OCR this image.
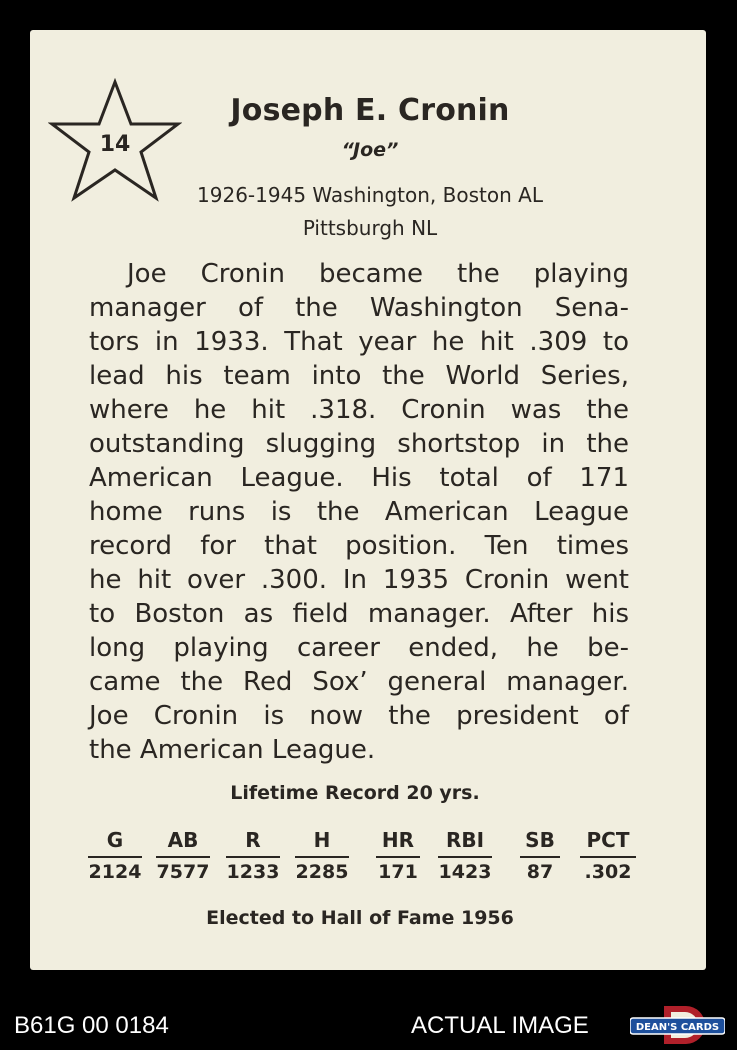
14
Joseph E. Cronin
“Joe”
1926-1945 Washington, Boston AL
Pittsburgh NL
Joe Cronin became the playing
manager of the Washington Sena-
tors in 1933. That year he hit .309 to
lead his team into the World Series,
where he hit .318. Cronin was the
outstanding slugging shortstop in the
American League. His total of 171
home runs is the American League
record for that position. Ten times
he hit over .300. In 1935 Cronin went
to Boston as field manager. After his
long playing career ended, he be-
came the Red Sox’ general manager.
Joe Cronin is now the president of
the American League.
Lifetime Record 20 yrs.
G
2124
AB
7577
R
1233
H
2285
HR
171
RBI
1423
SB
87
PCT
.302
Elected to Hall of Fame 1956
B61G 00 0184	ACTUAL IMAGE	DEAN'S CARDS
